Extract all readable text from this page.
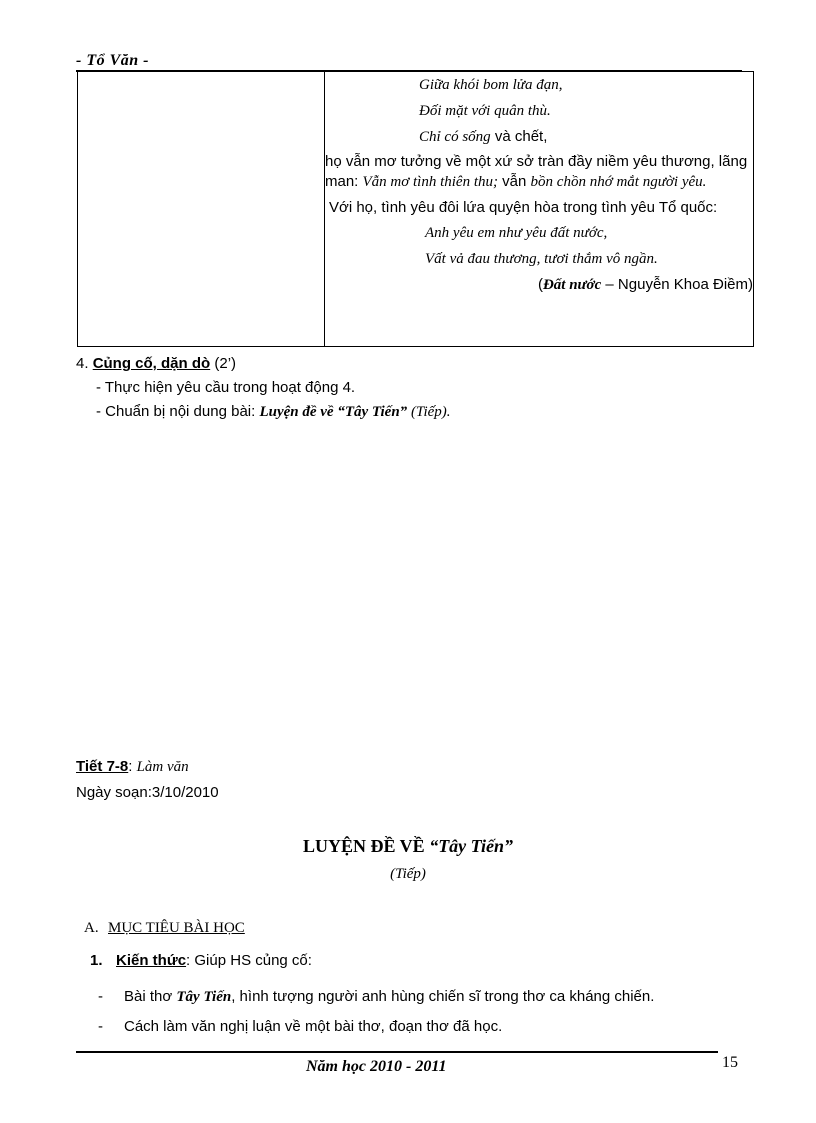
- Tổ Văn -

Giữa khói bom lửa đạn,
Đối mặt với quân thù.
Chỉ có sống và chết,
họ vẫn mơ tưởng về một xứ sở tràn đầy niềm yêu thương, lãng man: Vẫn mơ tình thiên thu; vẫn bồn chồn nhớ mắt người yêu.
Với họ, tình yêu đôi lứa quyện hòa trong tình yêu Tổ quốc:
Anh yêu em như yêu đất nước,
Vất vả đau thương, tươi thắm vô ngần.
(Đất nước – Nguyễn Khoa Điềm)
4. Củng cố, dặn dò (2’)
- Thực hiện yêu cầu trong hoạt động 4.
- Chuẩn bị nội dung bài: Luyện đề về “Tây Tiến” (Tiếp).
Tiết 7-8: Làm văn
Ngày soạn:3/10/2010
LUYỆN ĐỀ VỀ “Tây Tiến”
(Tiếp)
A. MỤC TIÊU BÀI HỌC
1. Kiến thức: Giúp HS củng cố:
- Bài thơ Tây Tiến, hình tượng người anh hùng chiến sĩ trong thơ ca kháng chiến.
- Cách làm văn nghị luận về một bài thơ, đoạn thơ đã học.
Năm học 2010 - 2011	15
